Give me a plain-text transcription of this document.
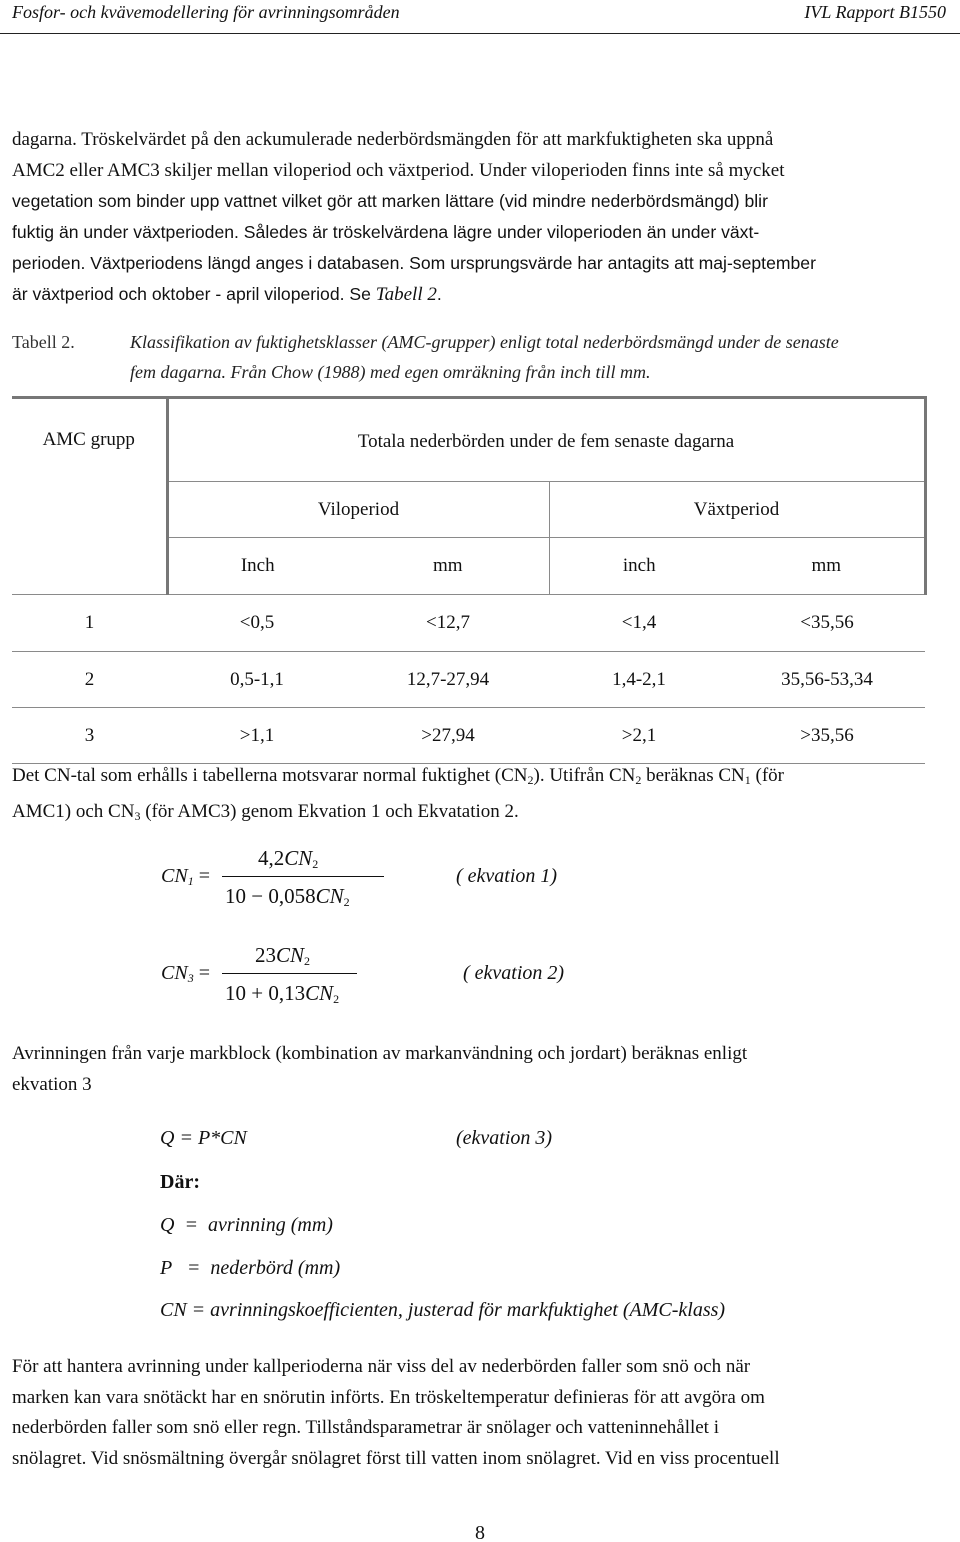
Fosfor- och kvävemodellering för avrinningsområden	IVL Rapport B1550
dagarna. Tröskelvärdet på den ackumulerade nederbördsmängden för att markfuktigheten ska uppnå
AMC2 eller AMC3 skiljer mellan viloperiod och växtperiod. Under viloperioden finns inte så mycket
vegetation som binder upp vattnet vilket gör att marken lättare (vid mindre nederbördsmängd) blir
fuktig än under växtperioden. Således är tröskelvärdena lägre under viloperioden än under växt-
perioden. Växtperiodens längd anges i databasen. Som ursprungsvärde har antagits att maj-september
är växtperiod och oktober - april viloperiod. Se Tabell 2.
Tabell 2.	Klassifikation av fuktighetsklasser (AMC-grupper) enligt total nederbördsmängd under de senaste
fem dagarna. Från Chow (1988) med egen omräkning från inch till mm.
AMC grupp	Totala nederbörden under de fem senaste dagarna			
	Viloperiod		Växtperiod	
	Inch	mm	inch	mm
1	<0,5	<12,7	<1,4	<35,56
2	0,5-1,1	12,7-27,94	1,4-2,1	35,56-53,34
3	>1,1	>27,94	>2,1	>35,56
Det CN-tal som erhålls i tabellerna motsvarar normal fuktighet $(CN_2)$. Utifrån $CN_2$ beräknas $CN_1$ (för
AMC1) och $CN_3$ (för AMC3) genom Ekvation 1 och Ekvatation 2.
$CN_1$ =
$4,2CN_2$
$10 - 0,058CN_2$
( ekvation 1)
$CN_3$ =
$23CN_2$
$10 + 0,13CN_2$
( ekvation 2)
Avrinningen från varje markblock (kombination av markanvändning och jordart) beräknas enligt
ekvation 3
Q = P*CN	(ekvation 3)
Där:
Q  =  avrinning (mm)
P   =  nederbörd (mm)
CN = avrinningskoefficienten, justerad för markfuktighet (AMC-klass)
För att hantera avrinning under kallperioderna när viss del av nederbörden faller som snö och när
marken kan vara snötäckt har en snörutin införts. En tröskeltemperatur definieras för att avgöra om
nederbörden faller som snö eller regn. Tillståndsparametrar är snölager och vatteninnehållet i
snölagret. Vid snösmältning övergår snölagret först till vatten inom snölagret. Vid en viss procentuell
8
